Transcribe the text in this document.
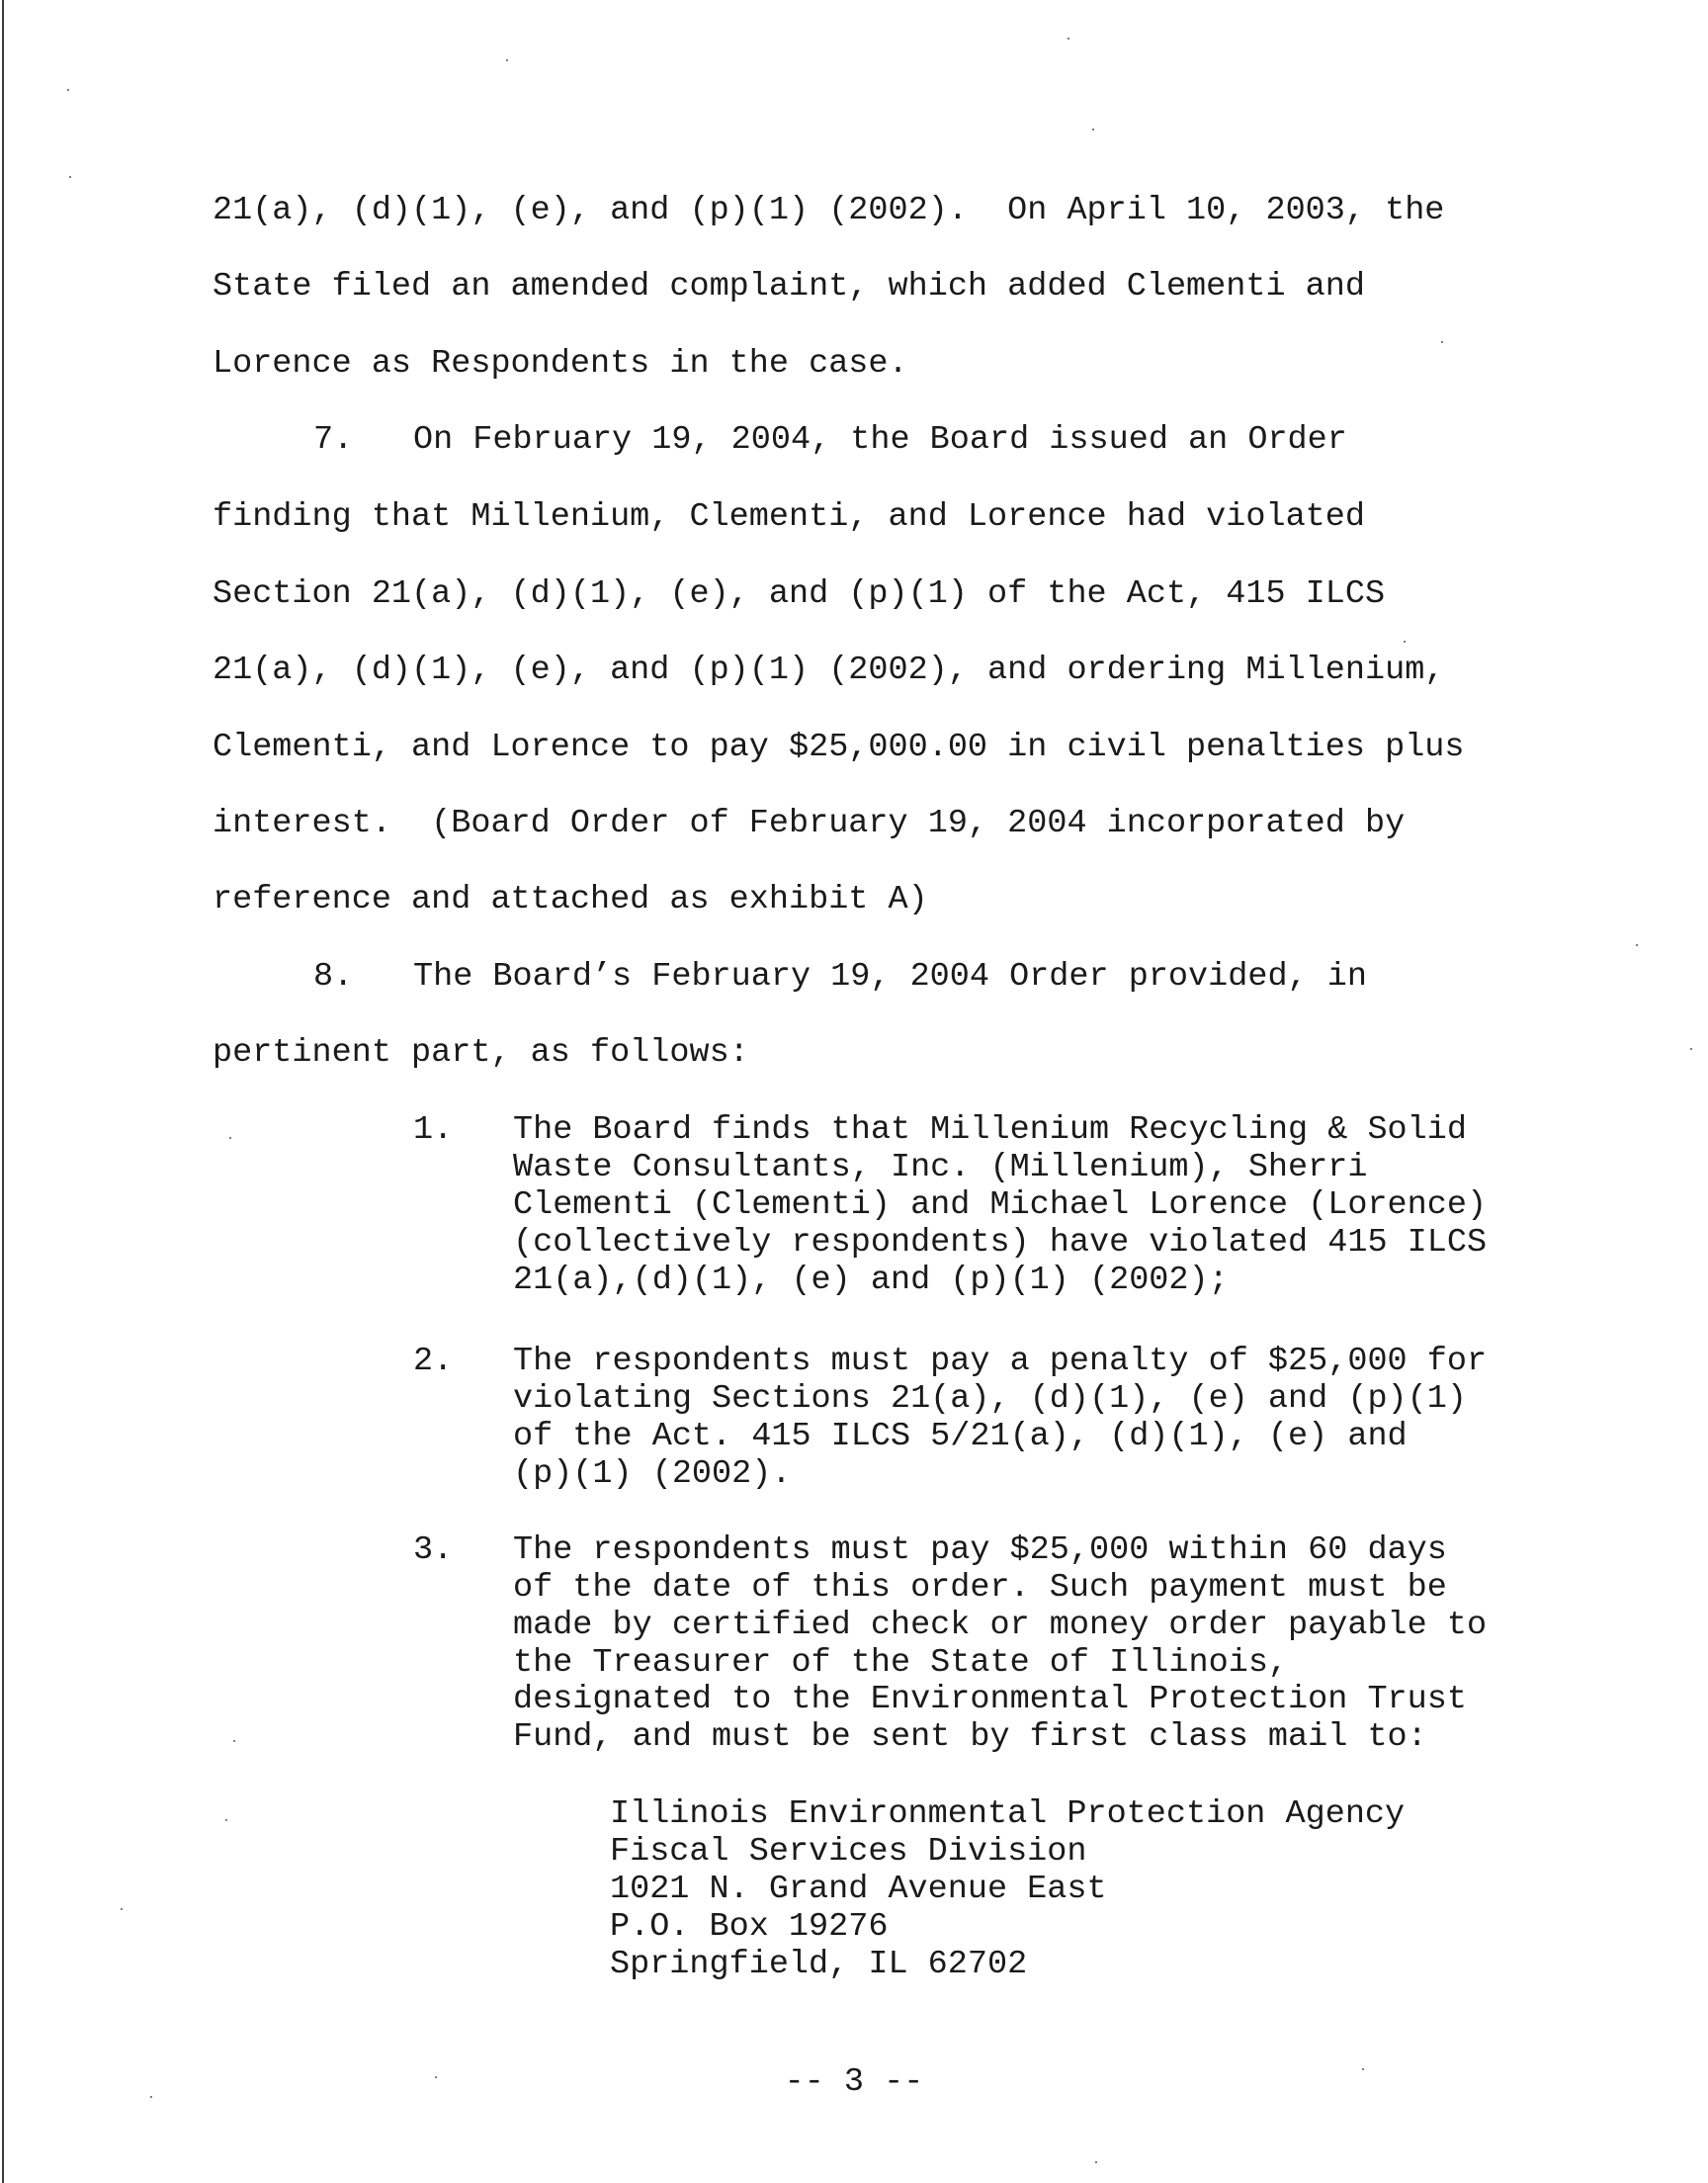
21(a), (d)(1), (e), and (p)(1) (2002).  On April 10, 2003, the
State filed an amended complaint, which added Clementi and
Lorence as Respondents in the case.
7. On February 19, 2004, the Board issued an Order
finding that Millenium, Clementi, and Lorence had violated
Section 21(a), (d)(1), (e), and (p)(1) of the Act, 415 ILCS
21(a), (d)(1), (e), and (p)(1) (2002), and ordering Millenium,
Clementi, and Lorence to pay $25,000.00 in civil penalties plus
interest.  (Board Order of February 19, 2004 incorporated by
reference and attached as exhibit A)
8. The Board’s February 19, 2004 Order provided, in
pertinent part, as follows:
1. The Board finds that Millenium Recycling & Solid
Waste Consultants, Inc. (Millenium), Sherri
Clementi (Clementi) and Michael Lorence (Lorence)
(collectively respondents) have violated 415 ILCS
21(a),(d)(1), (e) and (p)(1) (2002);
2. The respondents must pay a penalty of $25,000 for
violating Sections 21(a), (d)(1), (e) and (p)(1)
of the Act. 415 ILCS 5/21(a), (d)(1), (e) and
(p)(1) (2002).
3. The respondents must pay $25,000 within 60 days
of the date of this order. Such payment must be
made by certified check or money order payable to
the Treasurer of the State of Illinois,
designated to the Environmental Protection Trust
Fund, and must be sent by first class mail to:
Illinois Environmental Protection Agency
Fiscal Services Division
1021 N. Grand Avenue East
P.O. Box 19276
Springfield, IL 62702
-- 3 --
